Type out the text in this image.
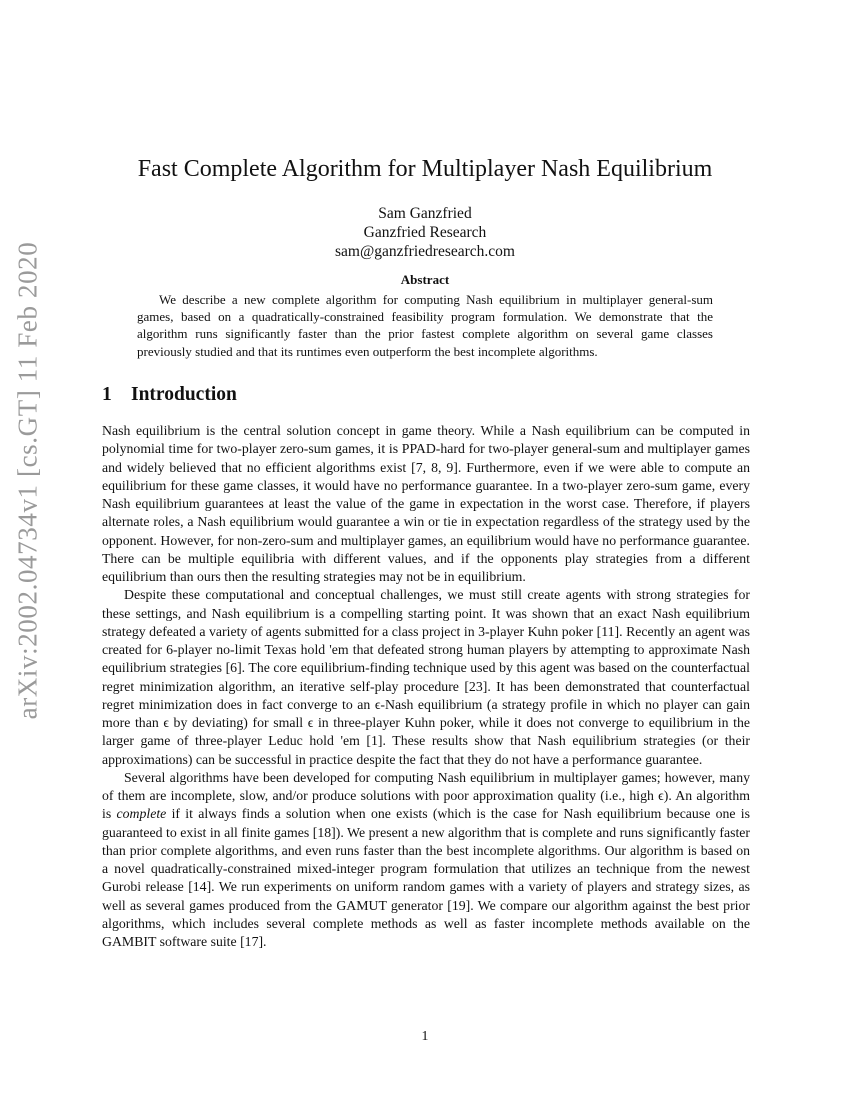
arXiv:2002.04734v1 [cs.GT] 11 Feb 2020
Fast Complete Algorithm for Multiplayer Nash Equilibrium
Sam Ganzfried
Ganzfried Research
sam@ganzfriedresearch.com
Abstract

We describe a new complete algorithm for computing Nash equilibrium in multiplayer general-sum games, based on a quadratically-constrained feasibility program formulation. We demonstrate that the algorithm runs significantly faster than the prior fastest complete algorithm on several game classes previously studied and that its runtimes even outperform the best incomplete algorithms.

1 Introduction

Nash equilibrium is the central solution concept in game theory. While a Nash equilibrium can be computed in polynomial time for two-player zero-sum games, it is PPAD-hard for two-player general-sum and multiplayer games and widely believed that no efficient algorithms exist [7, 8, 9]. Furthermore, even if we were able to compute an equilibrium for these game classes, it would have no performance guarantee. In a two-player zero-sum game, every Nash equilibrium guarantees at least the value of the game in expectation in the worst case. Therefore, if players alternate roles, a Nash equilibrium would guarantee a win or tie in expectation regardless of the strategy used by the opponent. However, for non-zero-sum and multiplayer games, an equilibrium would have no performance guarantee. There can be multiple equilibria with different values, and if the opponents play strategies from a different equilibrium than ours then the resulting strategies may not be in equilibrium.

Despite these computational and conceptual challenges, we must still create agents with strong strategies for these settings, and Nash equilibrium is a compelling starting point. It was shown that an exact Nash equilibrium strategy defeated a variety of agents submitted for a class project in 3-player Kuhn poker [11]. Recently an agent was created for 6-player no-limit Texas hold 'em that defeated strong human players by attempting to approximate Nash equilibrium strategies [6]. The core equilibrium-finding technique used by this agent was based on the counterfactual regret minimization algorithm, an iterative self-play procedure [23]. It has been demonstrated that counterfactual regret minimization does in fact converge to an ϵ-Nash equilibrium (a strategy profile in which no player can gain more than ϵ by deviating) for small ϵ in three-player Kuhn poker, while it does not converge to equilibrium in the larger game of three-player Leduc hold 'em [1]. These results show that Nash equilibrium strategies (or their approximations) can be successful in practice despite the fact that they do not have a performance guarantee.

Several algorithms have been developed for computing Nash equilibrium in multiplayer games; however, many of them are incomplete, slow, and/or produce solutions with poor approximation quality (i.e., high ϵ). An algorithm is complete if it always finds a solution when one exists (which is the case for Nash equilibrium because one is guaranteed to exist in all finite games [18]). We present a new algorithm that is complete and runs significantly faster than prior complete algorithms, and even runs faster than the best incomplete algorithms. Our algorithm is based on a novel quadratically-constrained mixed-integer program formulation that utilizes an technique from the newest Gurobi release [14]. We run experiments on uniform random games with a variety of players and strategy sizes, as well as several games produced from the GAMUT generator [19]. We compare our algorithm against the best prior algorithms, which includes several complete methods as well as faster incomplete methods available on the GAMBIT software suite [17].

1
